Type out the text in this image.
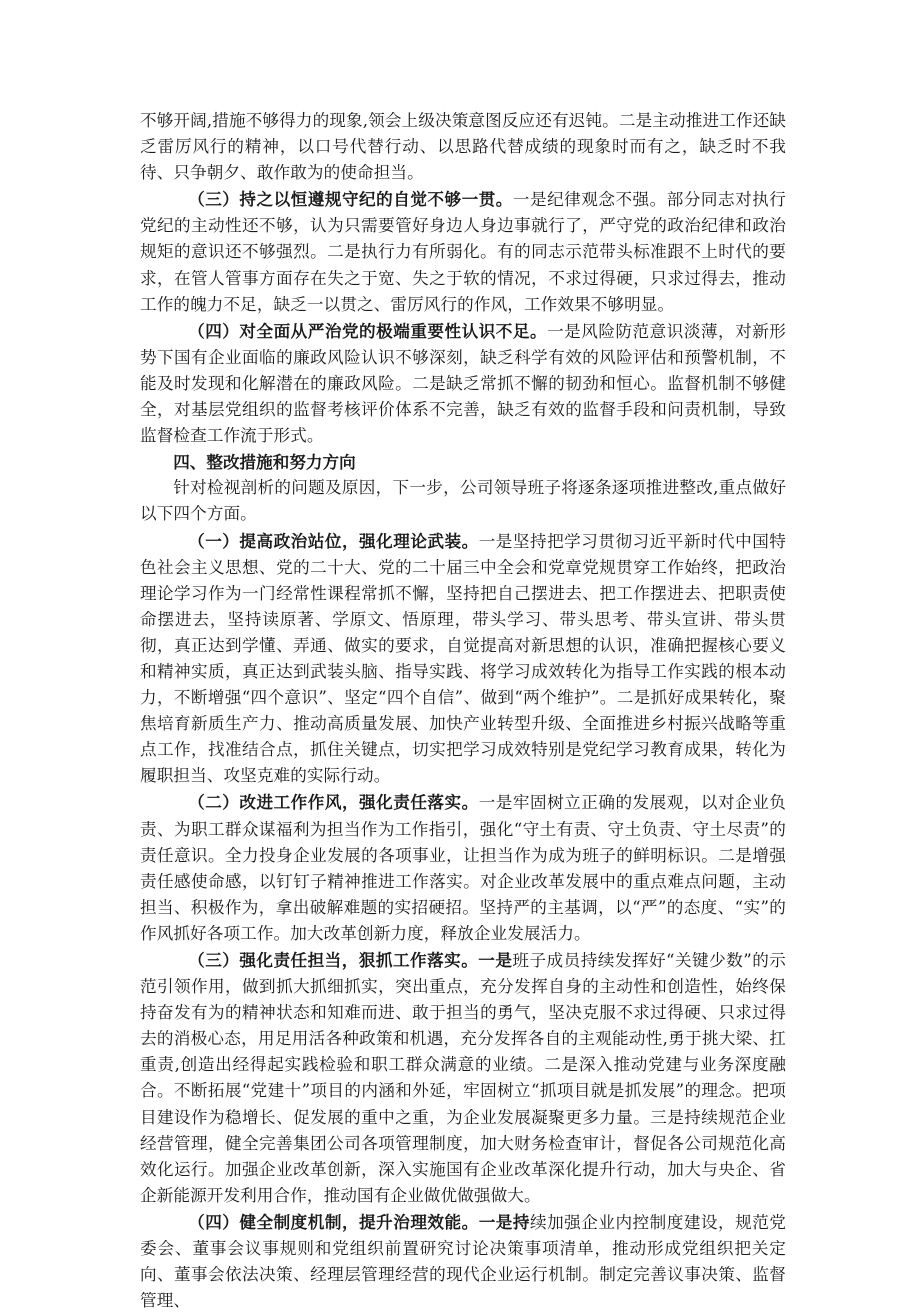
不够开阔,措施不够得力的现象,领会上级决策意图反应还有迟钝。二是主动推进工作还缺乏雷厉风行的精神，以口号代替行动、以思路代替成绩的现象时而有之，缺乏时不我待、只争朝夕、敢作敢为的使命担当。

（三）持之以恒遵规守纪的自觉不够一贯。一是纪律观念不强。部分同志对执行党纪的主动性还不够，认为只需要管好身边人身边事就行了，严守党的政治纪律和政治规矩的意识还不够强烈。二是执行力有所弱化。有的同志示范带头标准跟不上时代的要求，在管人管事方面存在失之于宽、失之于软的情况，不求过得硬，只求过得去，推动工作的魄力不足，缺乏一以贯之、雷厉风行的作风，工作效果不够明显。

（四）对全面从严治党的极端重要性认识不足。一是风险防范意识淡薄，对新形势下国有企业面临的廉政风险认识不够深刻，缺乏科学有效的风险评估和预警机制，不能及时发现和化解潜在的廉政风险。二是缺乏常抓不懈的韧劲和恒心。监督机制不够健全，对基层党组织的监督考核评价体系不完善，缺乏有效的监督手段和问责机制，导致监督检查工作流于形式。

四、整改措施和努力方向

针对检视剖析的问题及原因，下一步，公司领导班子将逐条逐项推进整改,重点做好以下四个方面。

（一）提高政治站位，强化理论武装。一是坚持把学习贯彻习近平新时代中国特色社会主义思想、党的二十大、党的二十届三中全会和党章党规贯穿工作始终，把政治理论学习作为一门经常性课程常抓不懈，坚持把自己摆进去、把工作摆进去、把职责使命摆进去，坚持读原著、学原文、悟原理，带头学习、带头思考、带头宣讲、带头贯彻，真正达到学懂、弄通、做实的要求，自觉提高对新思想的认识，准确把握核心要义和精神实质，真正达到武装头脑、指导实践、将学习成效转化为指导工作实践的根本动力，不断增强“四个意识”、坚定“四个自信”、做到“两个维护”。二是抓好成果转化，聚焦培育新质生产力、推动高质量发展、加快产业转型升级、全面推进乡村振兴战略等重点工作，找准结合点，抓住关键点，切实把学习成效特别是党纪学习教育成果，转化为履职担当、攻坚克难的实际行动。

（二）改进工作作风，强化责任落实。一是牢固树立正确的发展观，以对企业负责、为职工群众谋福利为担当作为工作指引，强化“守土有责、守土负责、守土尽责”的责任意识。全力投身企业发展的各项事业，让担当作为成为班子的鲜明标识。二是增强责任感使命感，以钉钉子精神推进工作落实。对企业改革发展中的重点难点问题，主动担当、积极作为，拿出破解难题的实招硬招。坚持严的主基调，以“严”的态度、“实”的作风抓好各项工作。加大改革创新力度，释放企业发展活力。

（三）强化责任担当，狠抓工作落实。一是班子成员持续发挥好“关键少数”的示范引领作用，做到抓大抓细抓实，突出重点，充分发挥自身的主动性和创造性，始终保持奋发有为的精神状态和知难而进、敢于担当的勇气，坚决克服不求过得硬、只求过得去的消极心态，用足用活各种政策和机遇，充分发挥各自的主观能动性,勇于挑大梁、扛重责,创造出经得起实践检验和职工群众满意的业绩。二是深入推动党建与业务深度融合。不断拓展“党建十”项目的内涵和外延，牢固树立“抓项目就是抓发展”的理念。把项目建设作为稳增长、促发展的重中之重，为企业发展凝聚更多力量。三是持续规范企业经营管理，健全完善集团公司各项管理制度，加大财务检查审计，督促各公司规范化高效化运行。加强企业改革创新，深入实施国有企业改革深化提升行动，加大与央企、省企新能源开发利用合作，推动国有企业做优做强做大。

（四）健全制度机制，提升治理效能。一是持续加强企业内控制度建设，规范党委会、董事会议事规则和党组织前置研究讨论决策事项清单，推动形成党组织把关定向、董事会依法决策、经理层管理经营的现代企业运行机制。制定完善议事决策、监督管理、
